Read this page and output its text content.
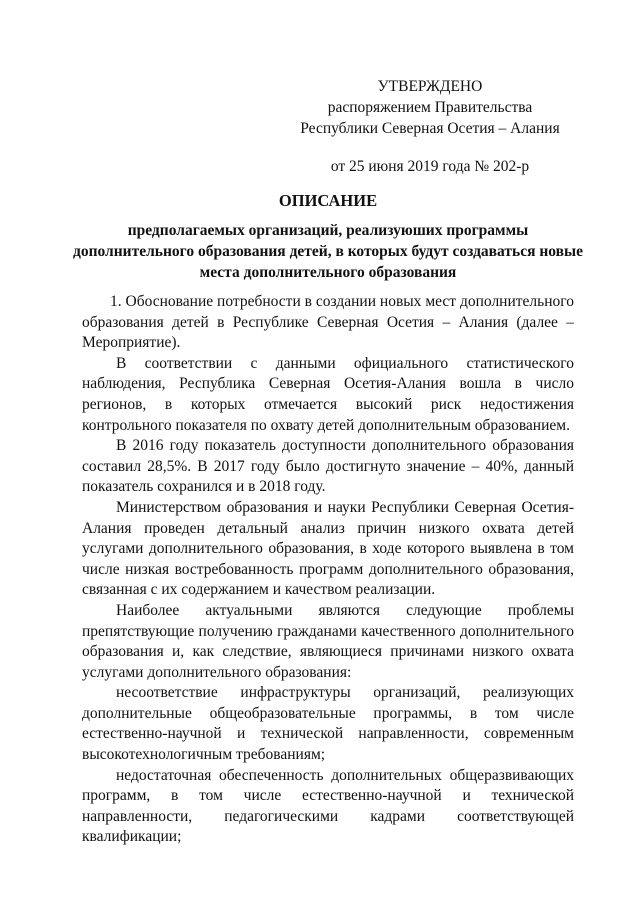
УТВЕРЖДЕНО
распоряжением Правительства
Республики Северная Осетия – Алания
от 25 июня 2019 года № 202-р
ОПИСАНИЕ
предполагаемых организаций, реализуюших программы дополнительного образования детей, в которых будут создаваться новые места дополнительного образования

1. Обоснование потребности в создании новых мест дополнительного образования детей в Республике Северная Осетия – Алания (далее – Мероприятие).

В соответствии с данными официального статистического наблюдения, Республика Северная Осетия-Алания вошла в число регионов, в которых отмечается высокий риск недостижения контрольного показателя по охвату детей дополнительным образованием.

В 2016 году показатель доступности дополнительного образования составил 28,5%. В 2017 году было достигнуто значение – 40%, данный показатель сохранился и в 2018 году.

Министерством образования и науки Республики Северная Осетия-Алания проведен детальный анализ причин низкого охвата детей услугами дополнительного образования, в ходе которого выявлена в том числе низкая востребованность программ дополнительного образования, связанная с их содержанием и качеством реализации.

Наиболее актуальными являются следующие проблемы препятствующие получению гражданами качественного дополнительного образования и, как следствие, являющиеся причинами низкого охвата услугами дополнительного образования:

несоответствие инфраструктуры организаций, реализующих дополнительные общеобразовательные программы, в том числе естественно-научной и технической направленности, современным высокотехнологичным требованиям;

недостаточная обеспеченность дополнительных общеразвивающих программ, в том числе естественно-научной и технической направленности, педагогическими кадрами соответствующей квалификации;
